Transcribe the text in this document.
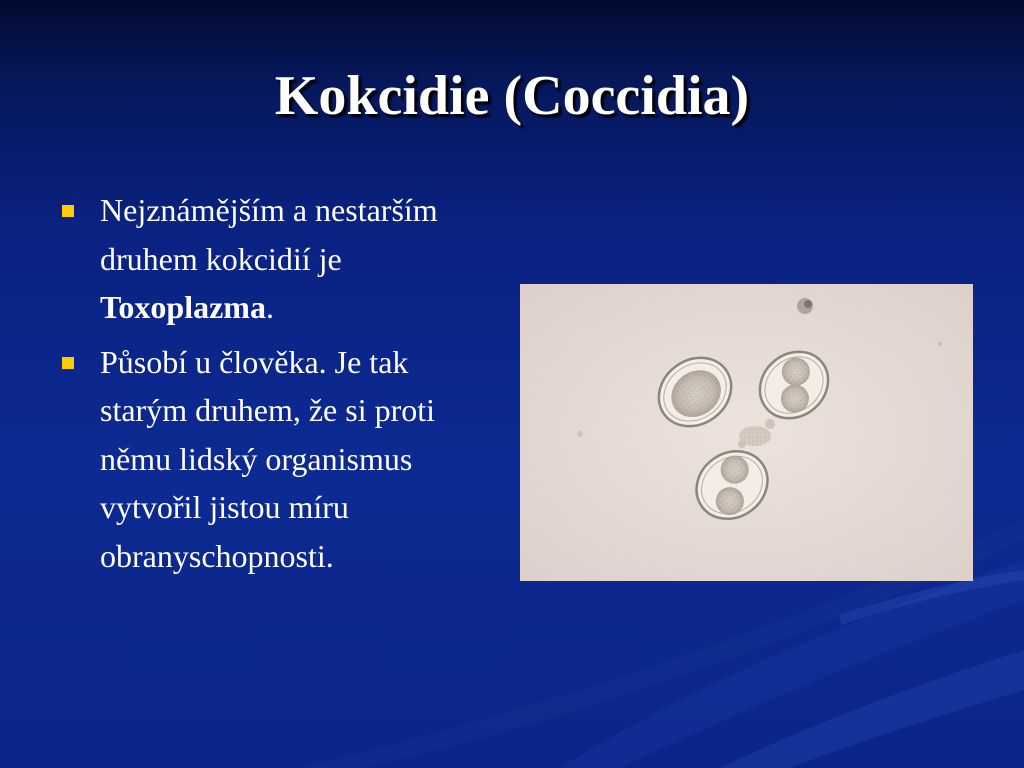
Kokcidie (Coccidia)
Nejznámějším a nestarším druhem kokcidií je Toxoplazma.
Působí u člověka. Je tak starým druhem, že si proti němu lidský organismus vytvořil jistou míru obranyschopnosti.
